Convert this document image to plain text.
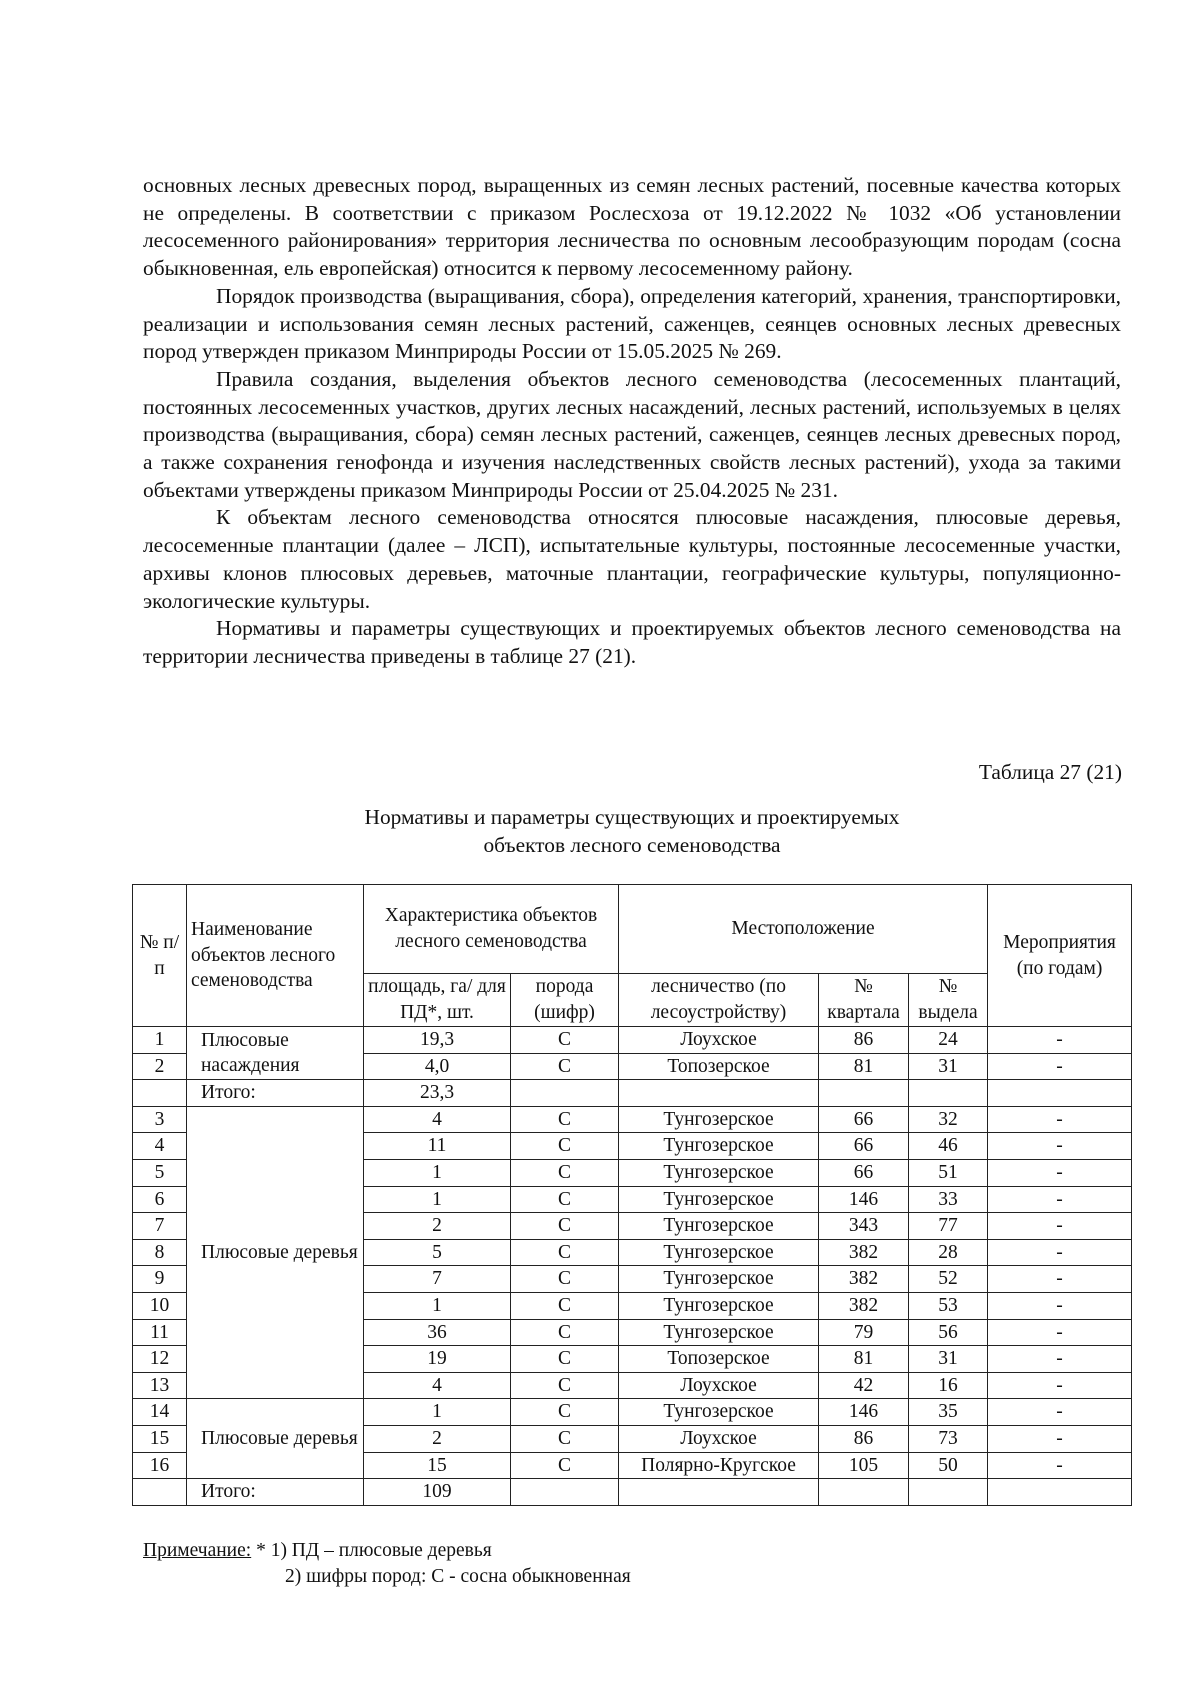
основных лесных древесных пород, выращенных из семян лесных растений, посевные качества которых не определены. В соответствии с приказом Рослесхоза от 19.12.2022 № 1032 «Об установлении лесосеменного районирования» территория лесничества по основным лесообразующим породам (сосна обыкновенная, ель европейская) относится к первому лесосеменному району.

Порядок производства (выращивания, сбора), определения категорий, хранения, транспортировки, реализации и использования семян лесных растений, саженцев, сеянцев основных лесных древесных пород утвержден приказом Минприроды России от 15.05.2025 № 269.

Правила создания, выделения объектов лесного семеноводства (лесосеменных плантаций, постоянных лесосеменных участков, других лесных насаждений, лесных растений, используемых в целях производства (выращивания, сбора) семян лесных растений, саженцев, сеянцев лесных древесных пород, а также сохранения генофонда и изучения наследственных свойств лесных растений), ухода за такими объектами утверждены приказом Минприроды России от 25.04.2025 № 231.

К объектам лесного семеноводства относятся плюсовые насаждения, плюсовые деревья, лесосеменные плантации (далее – ЛСП), испытательные культуры, постоянные лесосеменные участки, архивы клонов плюсовых деревьев, маточные плантации, географические культуры, популяционно-экологические культуры.

Нормативы и параметры существующих и проектируемых объектов лесного семеноводства на территории лесничества приведены в таблице 27 (21).

Таблица 27 (21)
Нормативы и параметры существующих и проектируемых
объектов лесного семеноводства
№ п/п	Наименование объектов лесного семеноводства	Характеристика объектов лесного семеноводства		Местоположение			Мероприятия (по годам)
		площадь, га/ для ПД*, шт.	порода (шифр)	лесничество (по лесоустройству)	№ квартала	№ выдела	
1	Плюсовые насаждения	19,3	С	Лоухское	86	24	-
2		4,0	С	Топозерское	81	31	-
	Итого:	23,3					
3	Плюсовые деревья	4	С	Тунгозерское	66	32	-
4		11	С	Тунгозерское	66	46	-
5		1	С	Тунгозерское	66	51	-
6		1	С	Тунгозерское	146	33	-
7		2	С	Тунгозерское	343	77	-
8		5	С	Тунгозерское	382	28	-
9		7	С	Тунгозерское	382	52	-
10		1	С	Тунгозерское	382	53	-
11		36	С	Тунгозерское	79	56	-
12		19	С	Топозерское	81	31	-
13		4	С	Лоухское	42	16	-
14	Плюсовые деревья	1	С	Тунгозерское	146	35	-
15		2	С	Лоухское	86	73	-
16		15	С	Полярно-Кругское	105	50	-
	Итого:	109					
Примечание: * 1) ПД – плюсовые деревья
2) шифры пород: С - сосна обыкновенная
